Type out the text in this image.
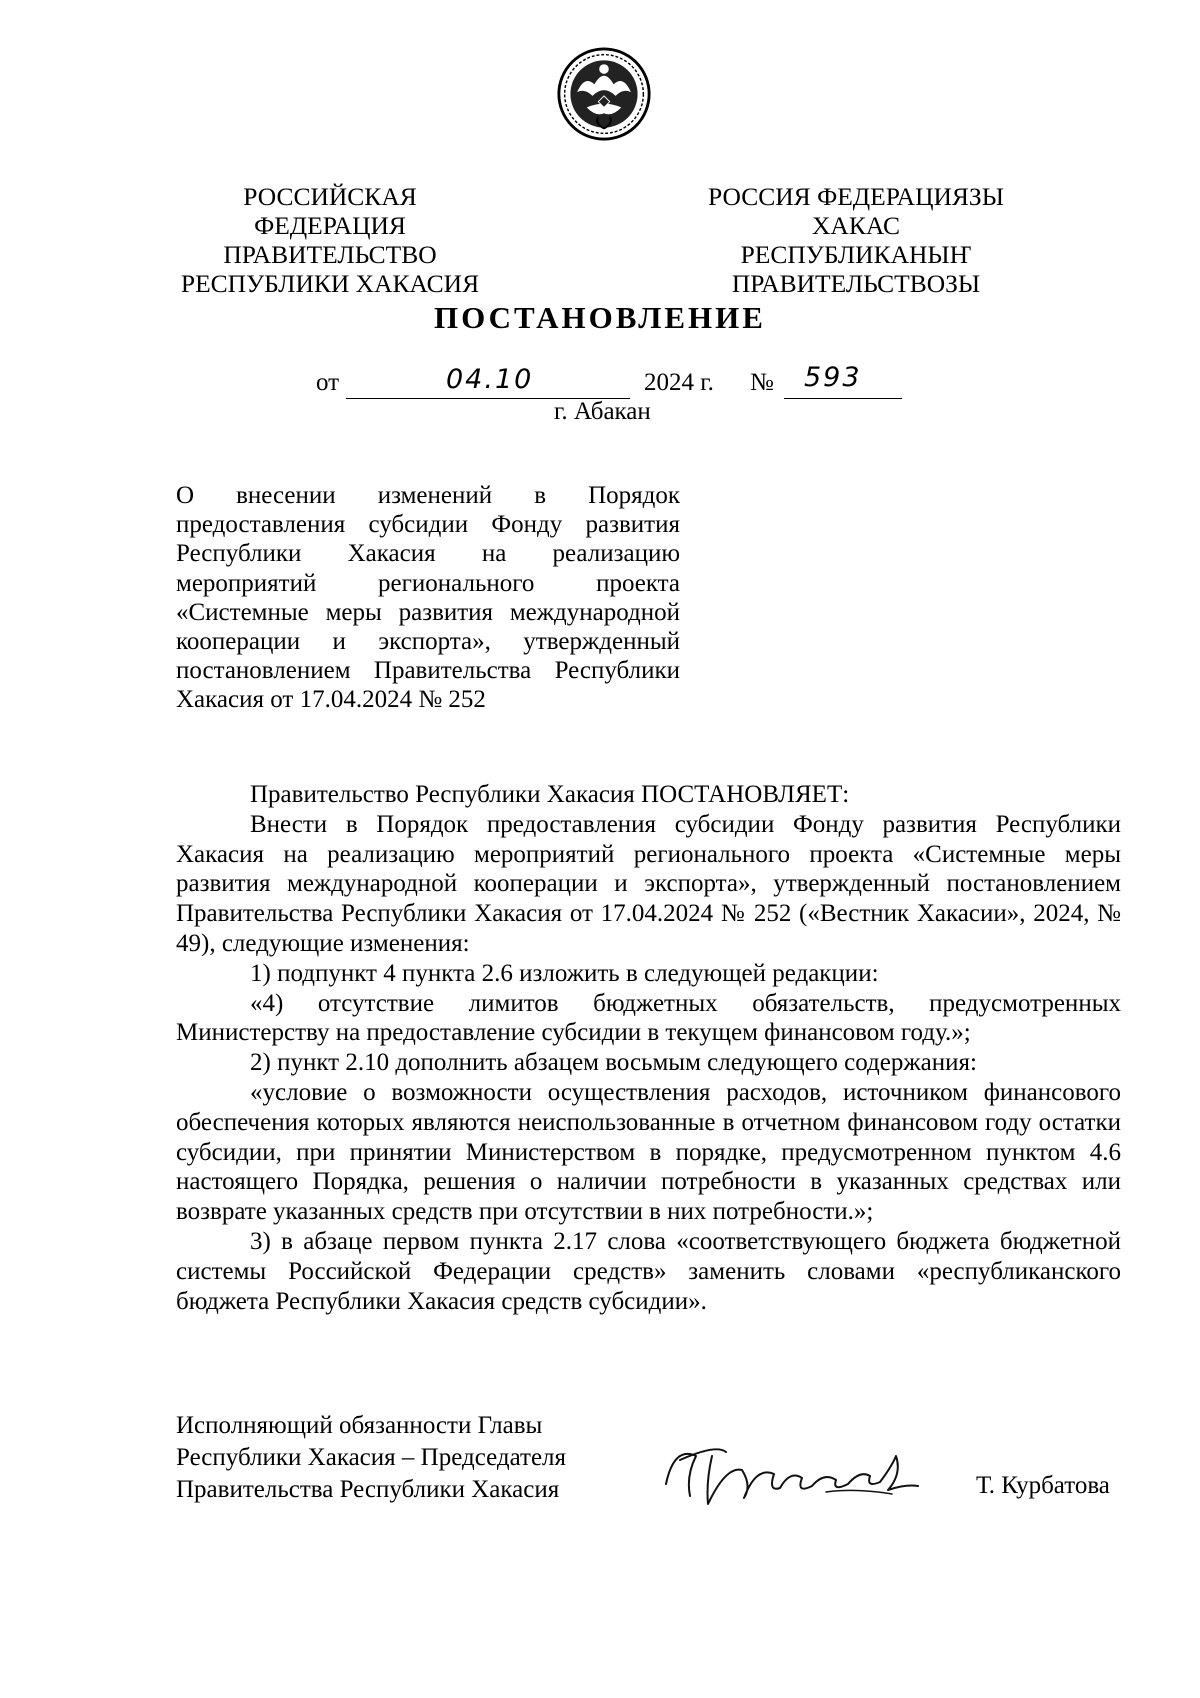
РОССИЙСКАЯ ФЕДЕРАЦИЯ
ПРАВИТЕЛЬСТВО
РЕСПУБЛИКИ ХАКАСИЯ
РОССИЯ ФЕДЕРАЦИЯЗЫ
ХАКАС РЕСПУБЛИКАНЫҤ
ПРАВИТЕЛЬСТВОЗЫ
ПОСТАНОВЛЕНИЕ
от	04.10	2024 г. № 593
г. Абакан
О внесении изменений в Порядок предоставления субсидии Фонду развития Республики Хакасия на реализацию мероприятий регионального проекта «Системные меры развития международной кооперации и экспорта», утвержденный постановлением Правительства Республики Хакасия от 17.04.2024 № 252

Правительство Республики Хакасия ПОСТАНОВЛЯЕТ:

Внести в Порядок предоставления субсидии Фонду развития Республики Хакасия на реализацию мероприятий регионального проекта «Системные меры развития международной кооперации и экспорта», утвержденный постановлением Правительства Республики Хакасия от 17.04.2024 № 252 («Вестник Хакасии», 2024, № 49), следующие изменения:

1) подпункт 4 пункта 2.6 изложить в следующей редакции:

«4) отсутствие лимитов бюджетных обязательств, предусмотренных Министерству на предоставление субсидии в текущем финансовом году.»;

2) пункт 2.10 дополнить абзацем восьмым следующего содержания:

«условие о возможности осуществления расходов, источником финансового обеспечения которых являются неиспользованные в отчетном финансовом году остатки субсидии, при принятии Министерством в порядке, предусмотренном пунктом 4.6 настоящего Порядка, решения о наличии потребности в указанных средствах или возврате указанных средств при отсутствии в них потребности.»;

3) в абзаце первом пункта 2.17 слова «соответствующего бюджета бюджетной системы Российской Федерации средств» заменить словами «республиканского бюджета Республики Хакасия средств субсидии».

Исполняющий обязанности Главы
Республики Хакасия – Председателя
Правительства Республики Хакасия	Т. Курбатова
